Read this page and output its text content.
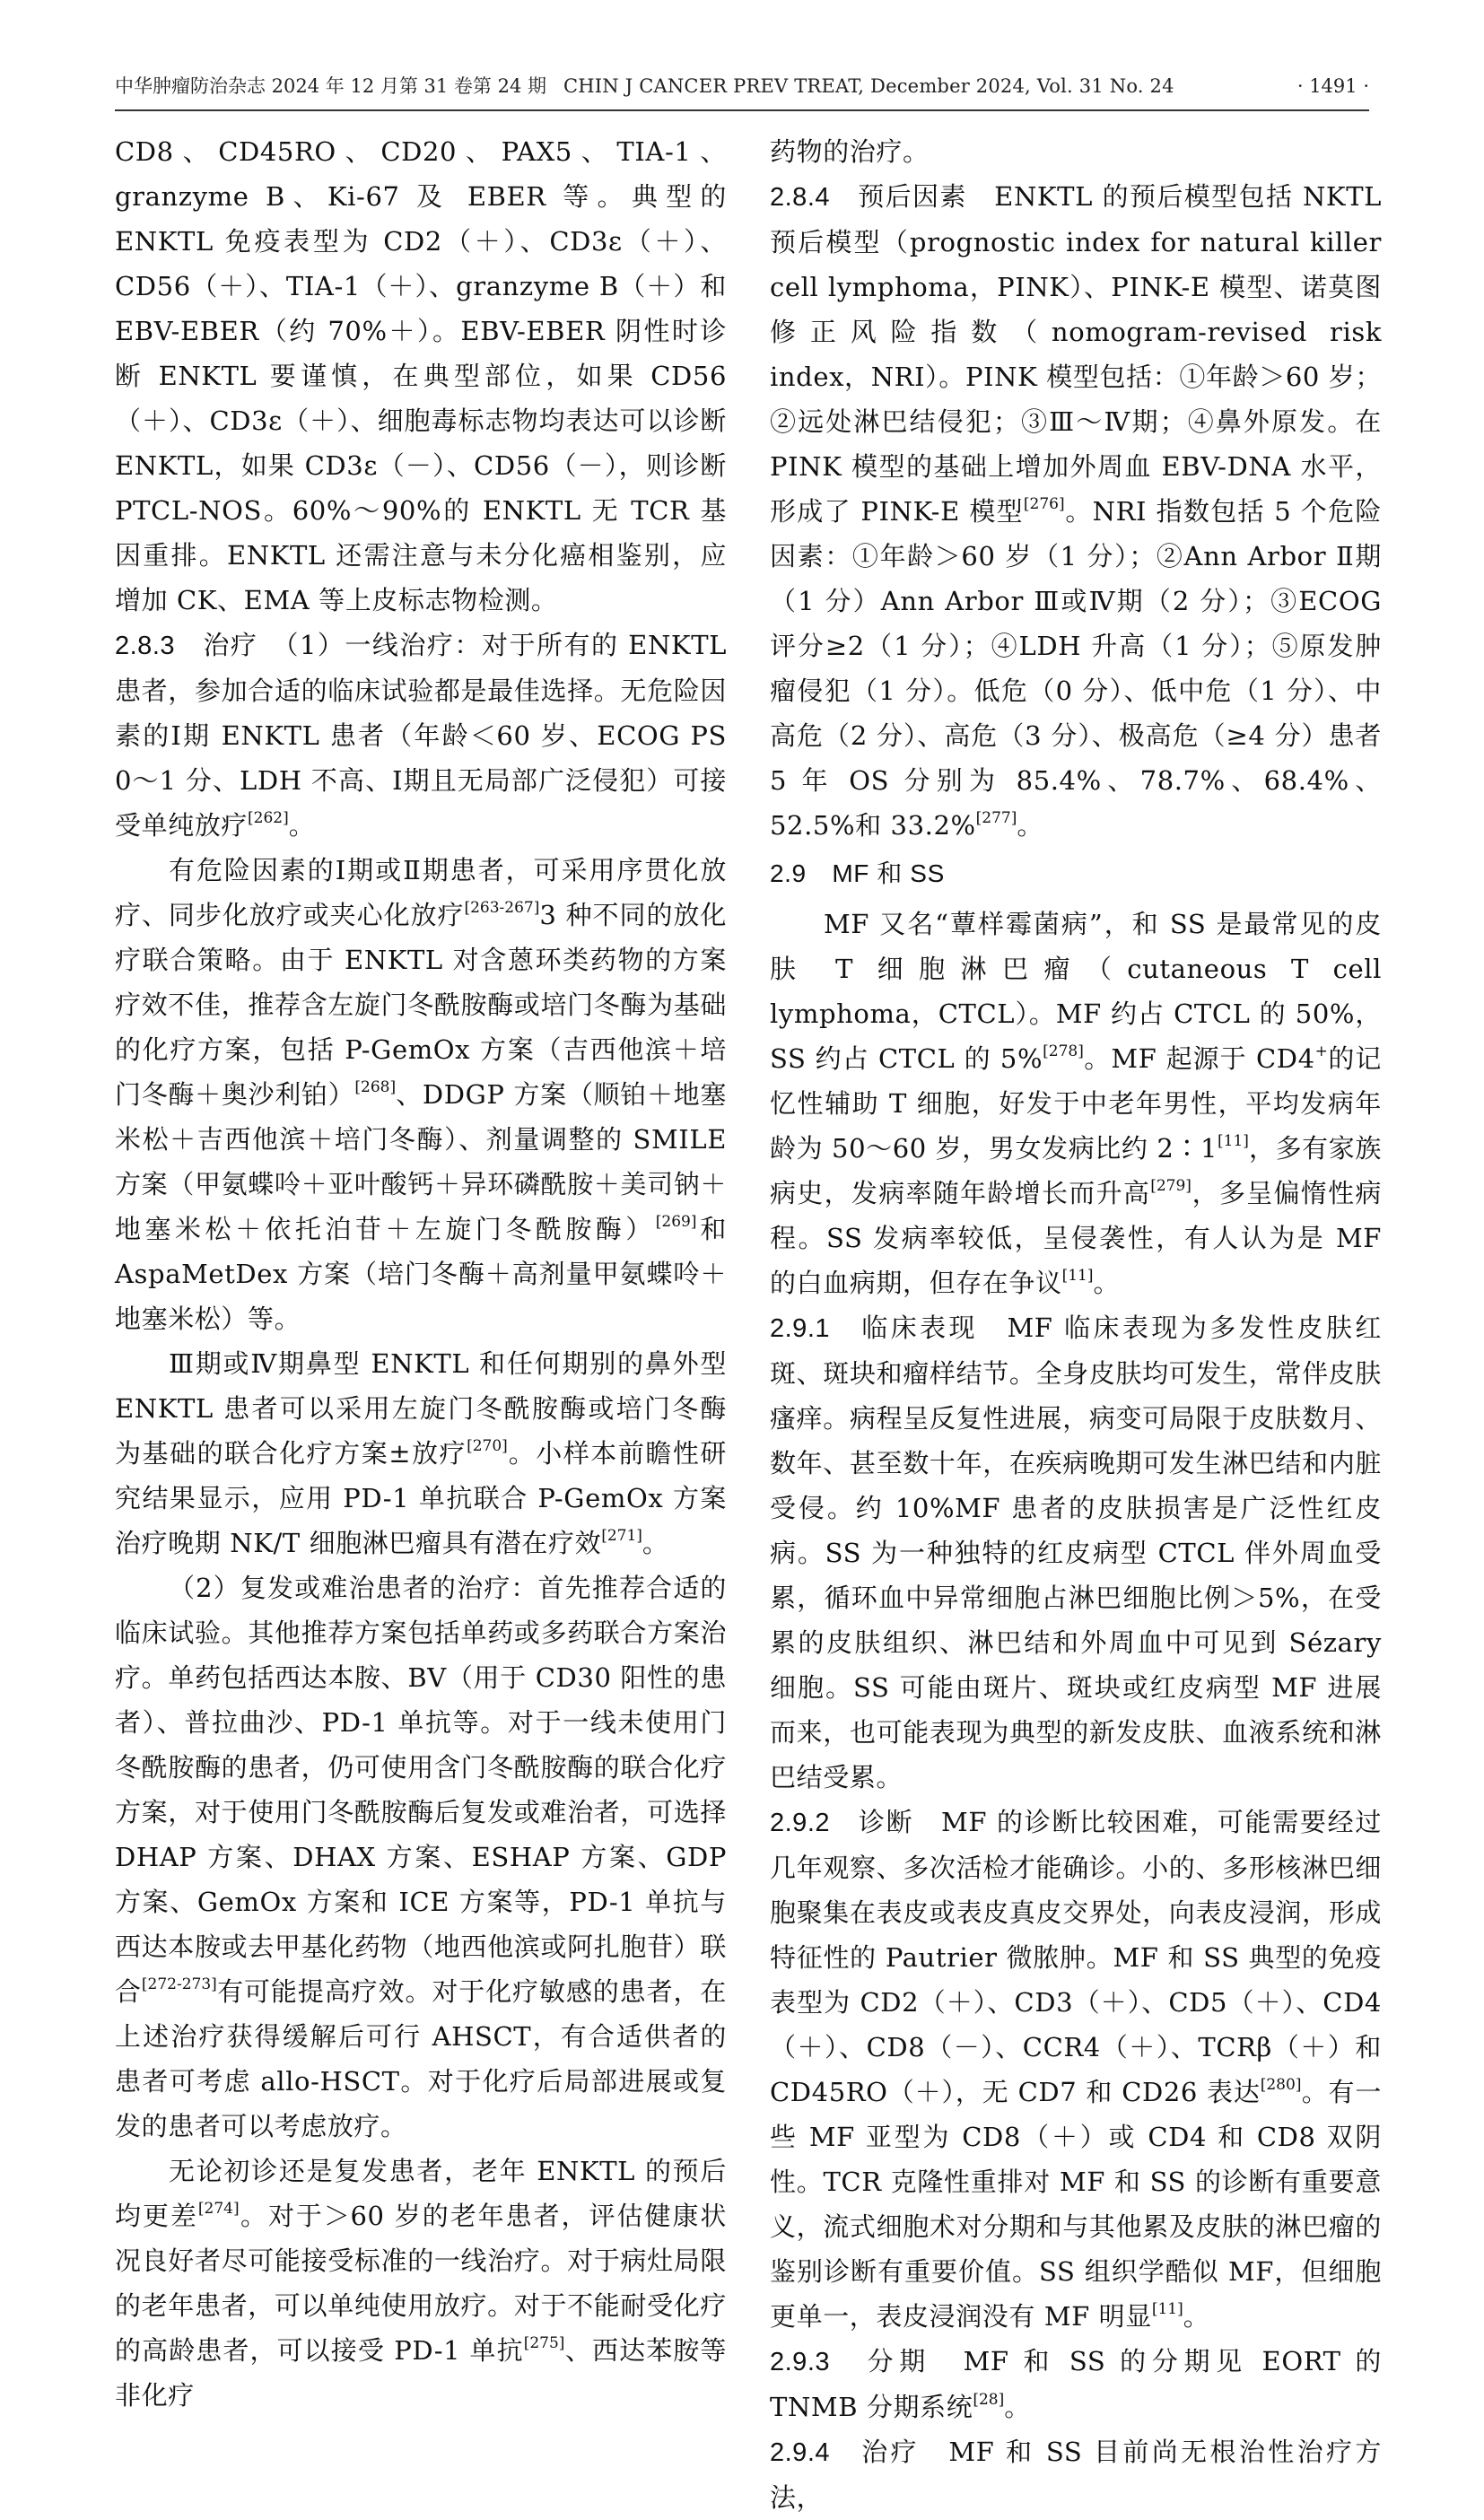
中华肿瘤防治杂志 2024 年 12 月第 31 卷第 24 期 CHIN J CANCER PREV TREAT, December 2024, Vol. 31 No. 24	· 1491 ·

CD8、CD45RO、CD20、PAX5、TIA-1、granzyme B、Ki-67 及 EBER 等。典型的 ENKTL 免疫表型为 CD2（＋）、CD3ε（＋）、CD56（＋）、TIA-1（＋）、granzyme B（＋）和 EBV-EBER（约 70%＋）。EBV-EBER 阴性时诊断 ENKTL 要谨慎，在典型部位，如果 CD56（＋）、CD3ε（＋）、细胞毒标志物均表达可以诊断 ENKTL，如果 CD3ε（－）、CD56（－），则诊断 PTCL-NOS。60%～90%的 ENKTL 无 TCR 基因重排。ENKTL 还需注意与未分化癌相鉴别，应增加 CK、EMA 等上皮标志物检测。

2.8.3　 治疗　 （1）一线治疗：对于所有的 ENKTL 患者，参加合适的临床试验都是最佳选择。无危险因素的Ⅰ期 ENKTL 患者（年龄＜60 岁、ECOG PS 0～1 分、LDH 不高、Ⅰ期且无局部广泛侵犯）可接受单纯放疗[262]。

有危险因素的Ⅰ期或Ⅱ期患者，可采用序贯化放疗、同步化放疗或夹心化放疗[263-267]3 种不同的放化疗联合策略。由于 ENKTL 对含蒽环类药物的方案疗效不佳，推荐含左旋门冬酰胺酶或培门冬酶为基础的化疗方案，包括 P-GemOx 方案（吉西他滨＋培门冬酶＋奥沙利铂）[268]、DDGP 方案（顺铂＋地塞米松＋吉西他滨＋培门冬酶）、剂量调整的 SMILE 方案（甲氨蝶呤＋亚叶酸钙＋异环磷酰胺＋美司钠＋地塞米松＋依托泊苷＋左旋门冬酰胺酶）[269]和 AspaMetDex 方案（培门冬酶＋高剂量甲氨蝶呤＋地塞米松）等。

Ⅲ期或Ⅳ期鼻型 ENKTL 和任何期别的鼻外型 ENKTL 患者可以采用左旋门冬酰胺酶或培门冬酶为基础的联合化疗方案±放疗[270]。小样本前瞻性研究结果显示，应用 PD-1 单抗联合 P-GemOx 方案治疗晚期 NK/T 细胞淋巴瘤具有潜在疗效[271]。

（2）复发或难治患者的治疗：首先推荐合适的临床试验。其他推荐方案包括单药或多药联合方案治疗。单药包括西达本胺、BV（用于 CD30 阳性的患者）、普拉曲沙、PD-1 单抗等。对于一线未使用门冬酰胺酶的患者，仍可使用含门冬酰胺酶的联合化疗方案，对于使用门冬酰胺酶后复发或难治者，可选择 DHAP 方案、DHAX 方案、ESHAP 方案、GDP 方案、GemOx 方案和 ICE 方案等，PD-1 单抗与西达本胺或去甲基化药物（地西他滨或阿扎胞苷）联合[272-273]有可能提高疗效。对于化疗敏感的患者，在上述治疗获得缓解后可行 AHSCT，有合适供者的患者可考虑 allo-HSCT。对于化疗后局部进展或复发的患者可以考虑放疗。

无论初诊还是复发患者，老年 ENKTL 的预后均更差[274]。对于＞60 岁的老年患者，评估健康状况良好者尽可能接受标准的一线治疗。对于病灶局限的老年患者，可以单纯使用放疗。对于不能耐受化疗的高龄患者，可以接受 PD-1 单抗[275]、西达苯胺等非化疗

药物的治疗。

2.8.4　 预后因素　 ENKTL 的预后模型包括 NKTL 预后模型（prognostic index for natural killer cell lymphoma，PINK）、PINK-E 模型、诺莫图修正风险指数（nomogram-revised risk index，NRI）。PINK 模型包括：①年龄＞60 岁；②远处淋巴结侵犯；③Ⅲ～Ⅳ期；④鼻外原发。在 PINK 模型的基础上增加外周血 EBV-DNA 水平，形成了 PINK-E 模型[276]。NRI 指数包括 5 个危险因素：①年龄＞60 岁（1 分）；②Ann Arbor Ⅱ期（1 分）Ann Arbor Ⅲ或Ⅳ期（2 分）；③ECOG 评分≥2（1 分）；④LDH 升高（1 分）；⑤原发肿瘤侵犯（1 分）。低危（0 分）、低中危（1 分）、中高危（2 分）、高危（3 分）、极高危（≥4 分）患者 5 年 OS 分别为 85.4%、78.7%、68.4%、52.5%和 33.2%[277]。

2.9　MF 和 SS

MF 又名“蕈样霉菌病”，和 SS 是最常见的皮肤 T 细胞淋巴瘤（cutaneous T cell lymphoma，CTCL）。MF 约占 CTCL 的 50%，SS 约占 CTCL 的 5%[278]。MF 起源于 CD4+的记忆性辅助 T 细胞，好发于中老年男性，平均发病年龄为 50～60 岁，男女发病比约 2∶1[11]，多有家族病史，发病率随年龄增长而升高[279]，多呈偏惰性病程。SS 发病率较低，呈侵袭性，有人认为是 MF 的白血病期，但存在争议[11]。

2.9.1　 临床表现　 MF 临床表现为多发性皮肤红斑、斑块和瘤样结节。全身皮肤均可发生，常伴皮肤瘙痒。病程呈反复性进展，病变可局限于皮肤数月、数年、甚至数十年，在疾病晚期可发生淋巴结和内脏受侵。约 10%MF 患者的皮肤损害是广泛性红皮病。SS 为一种独特的红皮病型 CTCL 伴外周血受累，循环血中异常细胞占淋巴细胞比例＞5%，在受累的皮肤组织、淋巴结和外周血中可见到 Sézary 细胞。SS 可能由斑片、斑块或红皮病型 MF 进展而来，也可能表现为典型的新发皮肤、血液系统和淋巴结受累。

2.9.2　 诊断　 MF 的诊断比较困难，可能需要经过几年观察、多次活检才能确诊。小的、多形核淋巴细胞聚集在表皮或表皮真皮交界处，向表皮浸润，形成特征性的 Pautrier 微脓肿。MF 和 SS 典型的免疫表型为 CD2（＋）、CD3（＋）、CD5（＋）、CD4（＋）、CD8（－）、CCR4（＋）、TCRβ（＋）和 CD45RO（＋），无 CD7 和 CD26 表达[280]。有一些 MF 亚型为 CD8（＋）或 CD4 和 CD8 双阴性。TCR 克隆性重排对 MF 和 SS 的诊断有重要意义，流式细胞术对分期和与其他累及皮肤的淋巴瘤的鉴别诊断有重要价值。SS 组织学酷似 MF，但细胞更单一，表皮浸润没有 MF 明显[11]。

2.9.3　 分期　 MF 和 SS 的分期见 EORT 的 TNMB 分期系统[28]。

2.9.4　 治疗　 MF 和 SS 目前尚无根治性治疗方法，
